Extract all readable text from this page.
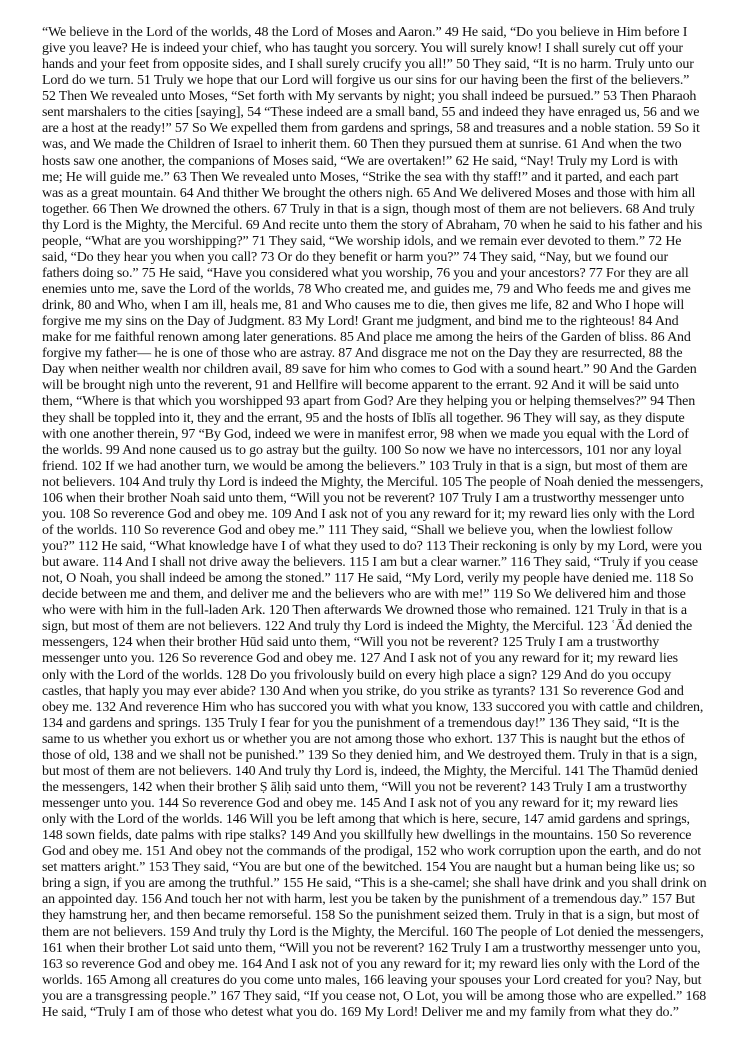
“We believe in the Lord of the worlds, 48 the Lord of Moses and Aaron.” 49 He said, “Do you believe in Him before I
give you leave? He is indeed your chief, who has taught you sorcery. You will surely know! I shall surely cut off your
hands and your feet from opposite sides, and I shall surely crucify you all!” 50 They said, “It is no harm. Truly unto our
Lord do we turn. 51 Truly we hope that our Lord will forgive us our sins for our having been the first of the believers.”
52 Then We revealed unto Moses, “Set forth with My servants by night; you shall indeed be pursued.” 53 Then Pharaoh
sent marshalers to the cities [saying], 54 “These indeed are a small band, 55 and indeed they have enraged us, 56 and we
are a host at the ready!” 57 So We expelled them from gardens and springs, 58 and treasures and a noble station. 59 So it
was, and We made the Children of Israel to inherit them. 60 Then they pursued them at sunrise. 61 And when the two
hosts saw one another, the companions of Moses said, “We are overtaken!” 62 He said, “Nay! Truly my Lord is with
me; He will guide me.” 63 Then We revealed unto Moses, “Strike the sea with thy staff!” and it parted, and each part
was as a great mountain. 64 And thither We brought the others nigh. 65 And We delivered Moses and those with him all
together. 66 Then We drowned the others. 67 Truly in that is a sign, though most of them are not believers. 68 And truly
thy Lord is the Mighty, the Merciful. 69 And recite unto them the story of Abraham, 70 when he said to his father and his
people, “What are you worshipping?” 71 They said, “We worship idols, and we remain ever devoted to them.” 72 He
said, “Do they hear you when you call? 73 Or do they benefit or harm you?” 74 They said, “Nay, but we found our
fathers doing so.” 75 He said, “Have you considered what you worship, 76 you and your ancestors? 77 For they are all
enemies unto me, save the Lord of the worlds, 78 Who created me, and guides me, 79 and Who feeds me and gives me
drink, 80 and Who, when I am ill, heals me, 81 and Who causes me to die, then gives me life, 82 and Who I hope will
forgive me my sins on the Day of Judgment. 83 My Lord! Grant me judgment, and bind me to the righteous! 84 And
make for me faithful renown among later generations. 85 And place me among the heirs of the Garden of bliss. 86 And
forgive my father— he is one of those who are astray. 87 And disgrace me not on the Day they are resurrected, 88 the
Day when neither wealth nor children avail, 89 save for him who comes to God with a sound heart.” 90 And the Garden
will be brought nigh unto the reverent, 91 and Hellfire will become apparent to the errant. 92 And it will be said unto
them, “Where is that which you worshipped 93 apart from God? Are they helping you or helping themselves?” 94 Then
they shall be toppled into it, they and the errant, 95 and the hosts of Iblīs all together. 96 They will say, as they dispute
with one another therein, 97 “By God, indeed we were in manifest error, 98 when we made you equal with the Lord of
the worlds. 99 And none caused us to go astray but the guilty. 100 So now we have no intercessors, 101 nor any loyal
friend. 102 If we had another turn, we would be among the believers.” 103 Truly in that is a sign, but most of them are
not believers. 104 And truly thy Lord is indeed the Mighty, the Merciful. 105 The people of Noah denied the messengers,
106 when their brother Noah said unto them, “Will you not be reverent? 107 Truly I am a trustworthy messenger unto
you. 108 So reverence God and obey me. 109 And I ask not of you any reward for it; my reward lies only with the Lord
of the worlds. 110 So reverence God and obey me.” 111 They said, “Shall we believe you, when the lowliest follow
you?” 112 He said, “What knowledge have I of what they used to do? 113 Their reckoning is only by my Lord, were you
but aware. 114 And I shall not drive away the believers. 115 I am but a clear warner.” 116 They said, “Truly if you cease
not, O Noah, you shall indeed be among the stoned.” 117 He said, “My Lord, verily my people have denied me. 118 So
decide between me and them, and deliver me and the believers who are with me!” 119 So We delivered him and those
who were with him in the full-laden Ark. 120 Then afterwards We drowned those who remained. 121 Truly in that is a
sign, but most of them are not believers. 122 And truly thy Lord is indeed the Mighty, the Merciful. 123 ʿĀd denied the
messengers, 124 when their brother Hūd said unto them, “Will you not be reverent? 125 Truly I am a trustworthy
messenger unto you. 126 So reverence God and obey me. 127 And I ask not of you any reward for it; my reward lies
only with the Lord of the worlds. 128 Do you frivolously build on every high place a sign? 129 And do you occupy
castles, that haply you may ever abide? 130 And when you strike, do you strike as tyrants? 131 So reverence God and
obey me. 132 And reverence Him who has succored you with what you know, 133 succored you with cattle and children,
134 and gardens and springs. 135 Truly I fear for you the punishment of a tremendous day!” 136 They said, “It is the
same to us whether you exhort us or whether you are not among those who exhort. 137 This is naught but the ethos of
those of old, 138 and we shall not be punished.” 139 So they denied him, and We destroyed them. Truly in that is a sign,
but most of them are not believers. 140 And truly thy Lord is, indeed, the Mighty, the Merciful. 141 The Thamūd denied
the messengers, 142 when their brother Ṣ āliḥ said unto them, “Will you not be reverent? 143 Truly I am a trustworthy
messenger unto you. 144 So reverence God and obey me. 145 And I ask not of you any reward for it; my reward lies
only with the Lord of the worlds. 146 Will you be left among that which is here, secure, 147 amid gardens and springs,
148 sown fields, date palms with ripe stalks? 149 And you skillfully hew dwellings in the mountains. 150 So reverence
God and obey me. 151 And obey not the commands of the prodigal, 152 who work corruption upon the earth, and do not
set matters aright.” 153 They said, “You are but one of the bewitched. 154 You are naught but a human being like us; so
bring a sign, if you are among the truthful.” 155 He said, “This is a she-camel; she shall have drink and you shall drink on
an appointed day. 156 And touch her not with harm, lest you be taken by the punishment of a tremendous day.” 157 But
they hamstrung her, and then became remorseful. 158 So the punishment seized them. Truly in that is a sign, but most of
them are not believers. 159 And truly thy Lord is the Mighty, the Merciful. 160 The people of Lot denied the messengers,
161 when their brother Lot said unto them, “Will you not be reverent? 162 Truly I am a trustworthy messenger unto you,
163 so reverence God and obey me. 164 And I ask not of you any reward for it; my reward lies only with the Lord of the
worlds. 165 Among all creatures do you come unto males, 166 leaving your spouses your Lord created for you? Nay, but
you are a transgressing people.” 167 They said, “If you cease not, O Lot, you will be among those who are expelled.” 168
He said, “Truly I am of those who detest what you do. 169 My Lord! Deliver me and my family from what they do.”
